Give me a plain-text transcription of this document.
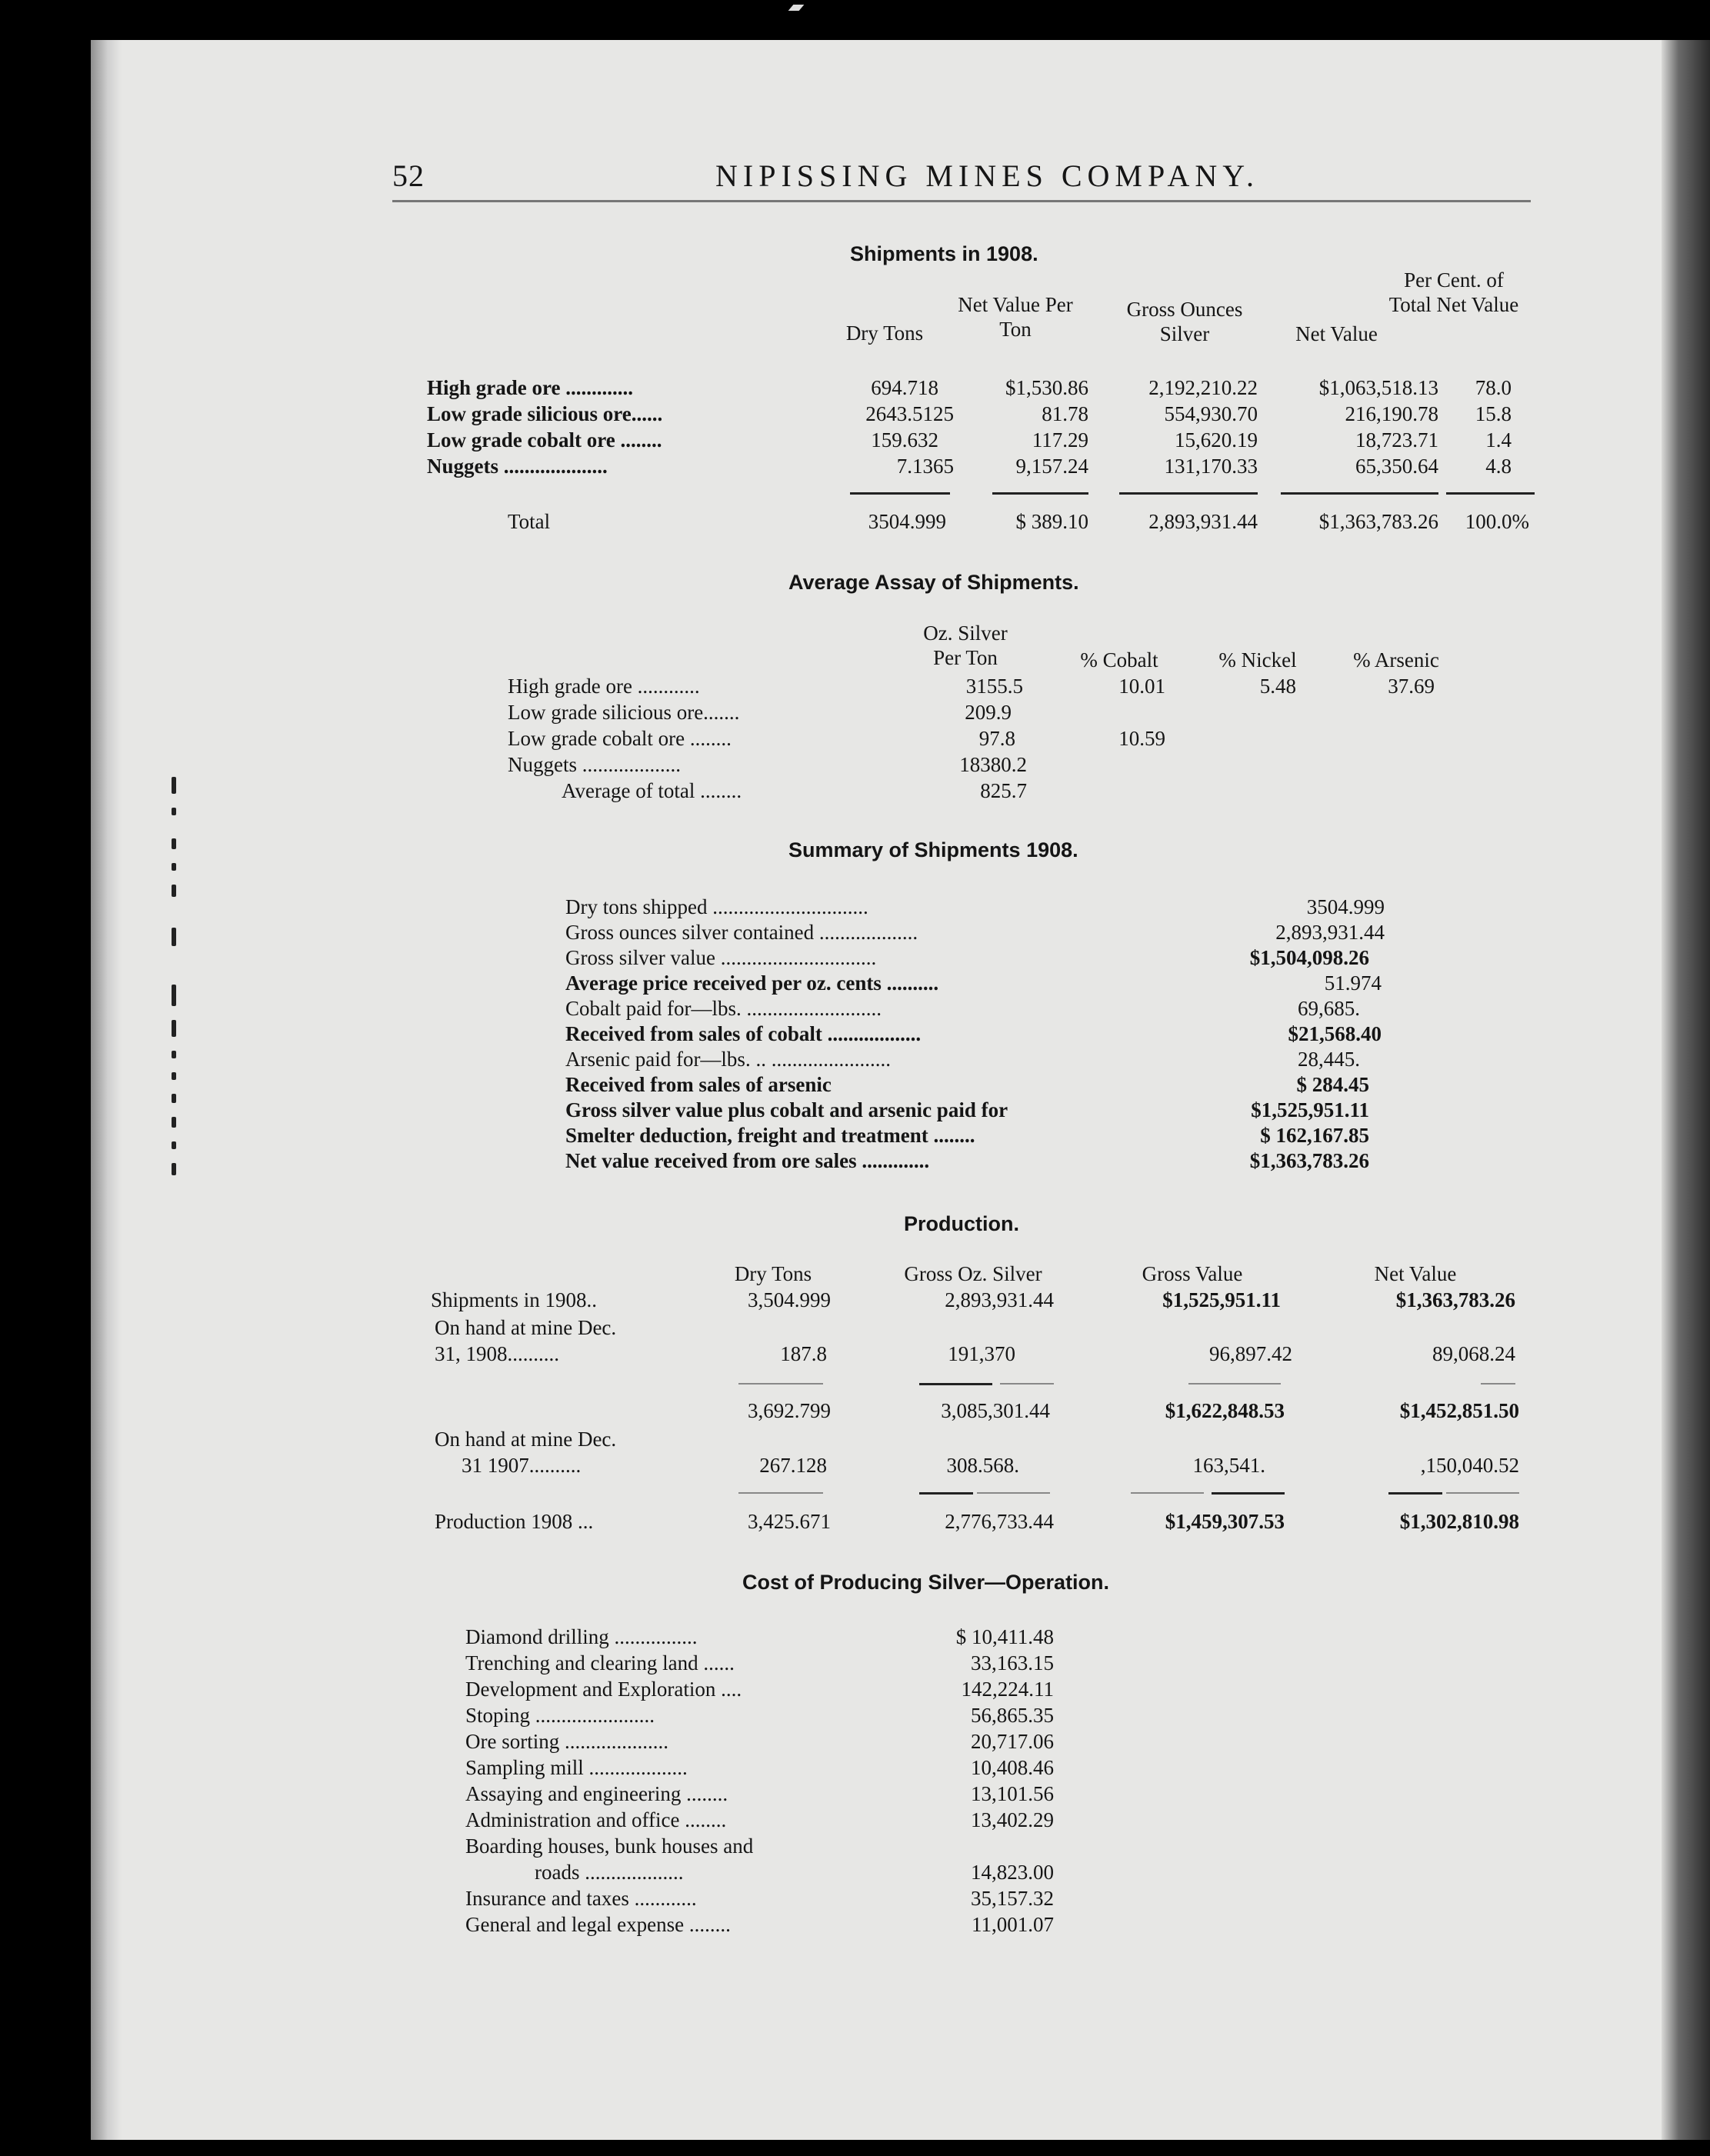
52	NIPISSING MINES COMPANY.
Shipments in 1908.
Dry Tons
Net Value Per Ton
Gross Ounces Silver	Net Value
Per Cent. of Total Net Value
High grade ore .............	694.718	$1,530.86	2,192,210.22	$1,063,518.13	78.0
Low grade silicious ore......	2643.5125	81.78	554,930.70	216,190.78	15.8
Low grade cobalt ore ........	159.632	117.29	15,620.19	18,723.71	1.4
Nuggets ....................	7.1365	9,157.24	131,170.33	65,350.64	4.8
Total	3504.999	$ 389.10	2,893,931.44	$1,363,783.26	100.0%
Average Assay of Shipments.
Oz. Silver Per Ton	% Cobalt	% Nickel	% Arsenic
High grade ore ............	3155.5	10.01	5.48	37.69
Low grade silicious ore.......	209.9
Low grade cobalt ore ........	97.8	10.59
Nuggets ...................	18380.2
Average of total ........	825.7
Summary of Shipments 1908.
Dry tons shipped ..............................	3504.999
Gross ounces silver contained ...................	2,893,931.44
Gross silver value ..............................	$1,504,098.26
Average price received per oz. cents ..........	51.974
Cobalt paid for—lbs. ..........................	69,685.
Received from sales of cobalt ..................	$21,568.40
Arsenic paid for—lbs. .. .......................	28,445.
Received from sales of arsenic	$ 284.45
Gross silver value plus cobalt and arsenic paid for	$1,525,951.11
Smelter deduction, freight and treatment ........	$ 162,167.85
Net value received from ore sales .............	$1,363,783.26
Production.
Dry Tons	Gross Oz. Silver	Gross Value	Net Value
Shipments in 1908..	3,504.999	2,893,931.44	$1,525,951.11	$1,363,783.26
On hand at mine Dec.
31, 1908..........	187.8	191,370	96,897.42	89,068.24
3,692.799	3,085,301.44	$1,622,848.53	$1,452,851.50
On hand at mine Dec.
31 1907..........	267.128	308.568.	163,541.	,150,040.52
Production 1908 ...	3,425.671	2,776,733.44	$1,459,307.53	$1,302,810.98
Cost of Producing Silver—Operation.
Diamond drilling ................	$ 10,411.48
Trenching and clearing land ......	33,163.15
Development and Exploration ....	142,224.11
Stoping .......................	56,865.35
Ore sorting ....................	20,717.06
Sampling mill ...................	10,408.46
Assaying and engineering ........	13,101.56
Administration and office ........	13,402.29
Boarding houses, bunk houses and
roads ...................	14,823.00
Insurance and taxes ............	35,157.32
General and legal expense ........	11,001.07
